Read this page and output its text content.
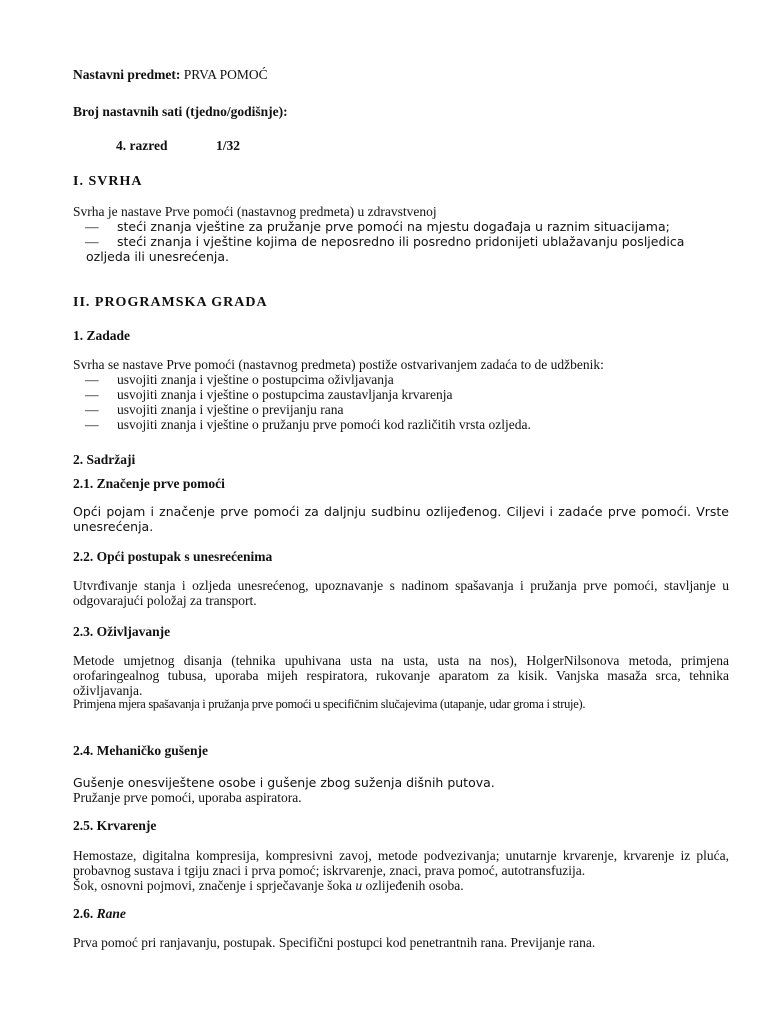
Nastavni predmet: PRVA POMOĆ
Broj nastavnih sati (tjedno/godišnje):
4. razred	1/32
I. SVRHA
Svrha je nastave Prve pomoći (nastavnog predmeta) u zdravstvenoj
— steći znanja vještine za pružanje prve pomoći na mjestu događaja u raznim situacijama;
— steći znanja i vještine kojima de neposredno ili posredno pridonijeti ublažavanju posljedica
ozljeda ili unesrećenja.
II. PROGRAMSKA GRADA
1. Zadade
Svrha se nastave Prve pomoći (nastavnog predmeta) postiže ostvarivanjem zadaća to de udžbenik:
— usvojiti znanja i vještine o postupcima oživljavanja
— usvojiti znanja i vještine o postupcima zaustavljanja krvarenja
— usvojiti znanja i vještine o previjanju rana
— usvojiti znanja i vještine o pružanju prve pomoći kod različitih vrsta ozljeda.
2. Sadržaji
2.1. Značenje prve pomoći
Opći pojam i značenje prve pomoći za daljnju sudbinu ozlijeđenog. Ciljevi i zadaće prve pomoći. Vrste unesrećenja.
2.2. Opći postupak s unesrećenima
Utvrđivanje stanja i ozljeda unesrećenog, upoznavanje s nadinom spašavanja i pružanja prve pomoći, stavljanje u odgovarajući položaj za transport.
2.3. Oživljavanje
Metode umjetnog disanja (tehnika upuhivana usta na usta, usta na nos), HolgerNilsonova metoda, primjena orofaringealnog tubusa, uporaba mijeh respiratora, rukovanje aparatom za kisik. Vanjska masaža srca, tehnika oživljavanja.
Primjena mjera spašavanja i pružanja prve pomoći u specifičnim slučajevima (utapanje, udar groma i struje).
2.4. Mehaničko gušenje
Gušenje onesviještene osobe i gušenje zbog suženja dišnih putova.
Pružanje prve pomoći, uporaba aspiratora.
2.5. Krvarenje
Hemostaze, digitalna kompresija, kompresivni zavoj, metode podvezivanja; unutarnje krvarenje, krvarenje iz pluća, probavnog sustava i tgiju znaci i prva pomoć; iskrvarenje, znaci, prava pomoć, autotransfuzija.
Šok, osnovni pojmovi, značenje i sprječavanje šoka u ozlijeđenih osoba.
2.6. Rane
Prva pomoć pri ranjavanju, postupak. Specifični postupci kod penetrantnih rana. Previjanje rana.
